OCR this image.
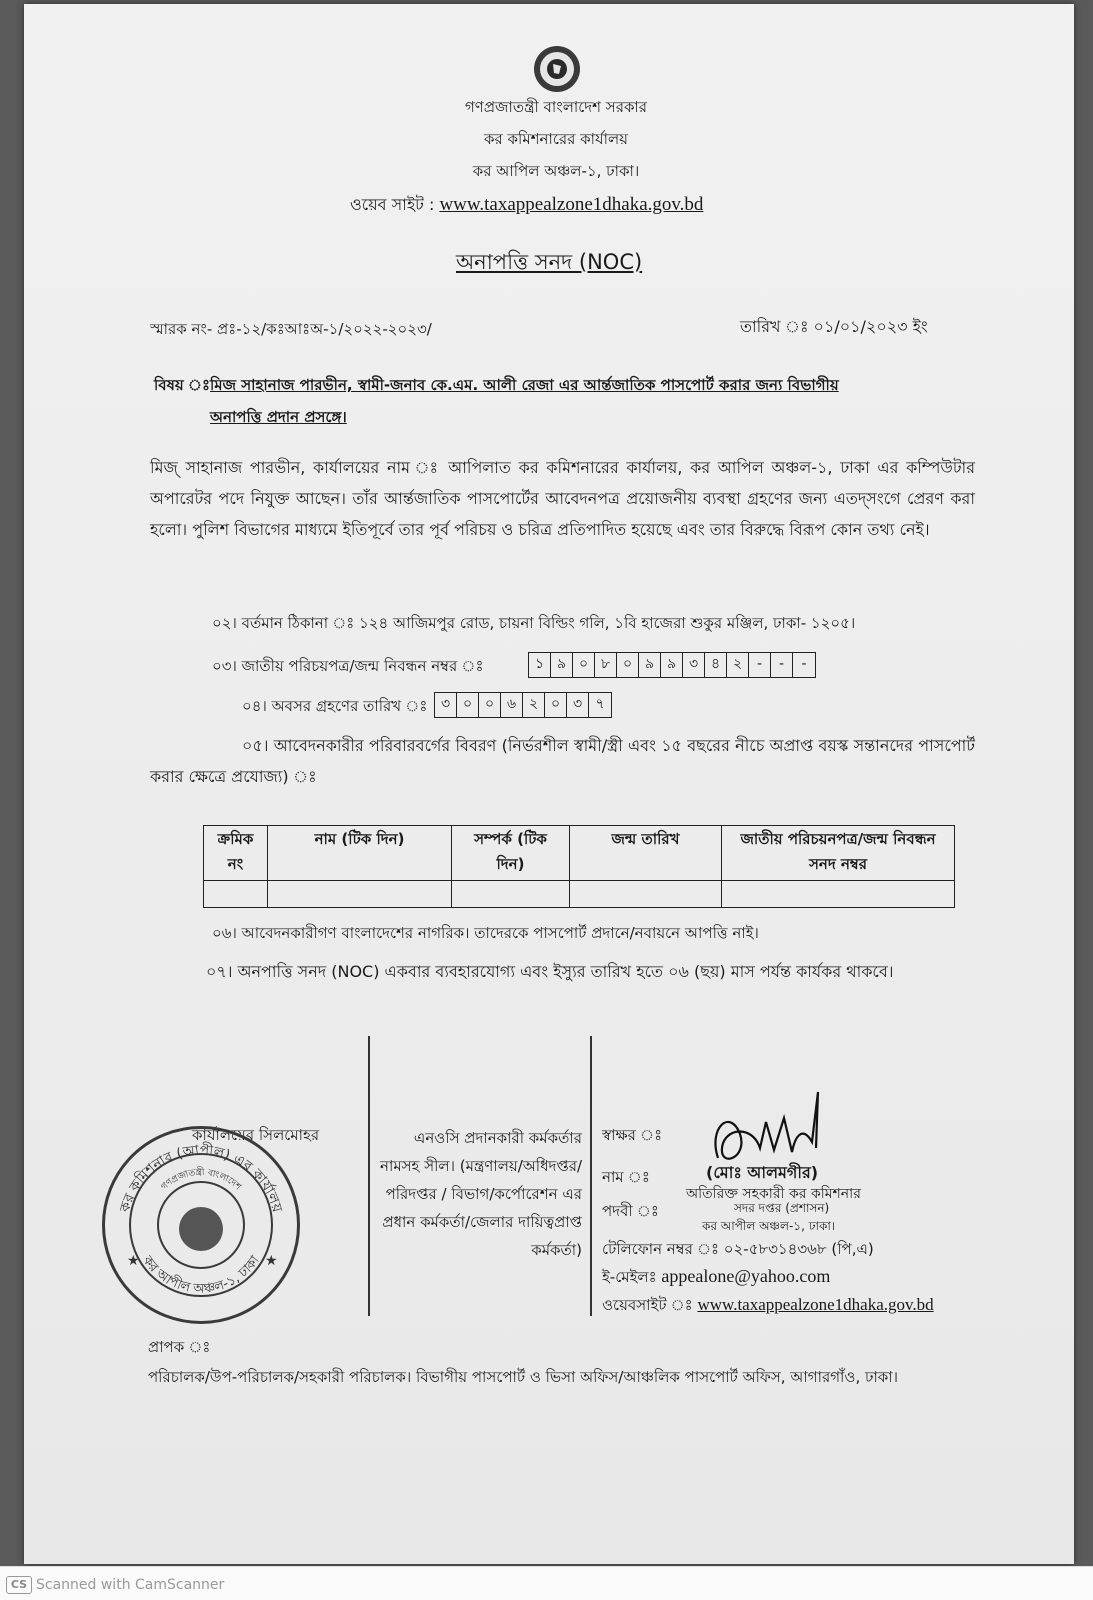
গণপ্রজাতন্ত্রী বাংলাদেশ সরকার
কর কমিশনারের কার্যালয়
কর আপিল অঞ্চল-১, ঢাকা।
ওয়েব সাইট : www.taxappealzone1dhaka.gov.bd
অনাপত্তি সনদ (NOC)
স্মারক নং- প্রঃ-১২/কঃআঃঅ-১/২০২২-২০২৩/	তারিখ ঃ ০১/০১/২০২৩ ইং
বিষয় ঃ মিজ সাহানাজ পারভীন, স্বামী-জনাব কে.এম. আলী রেজা এর আর্ন্তজাতিক পাসপোর্ট করার জন্য বিভাগীয়
অনাপত্তি প্রদান প্রসঙ্গে।
মিজ্ সাহানাজ পারভীন, কার্যালয়ের নাম ঃ আপিলাত কর কমিশনারের কার্যালয়, কর আপিল অঞ্চল-১, ঢাকা এর কম্পিউটার অপারেটর পদে নিযুক্ত আছেন। তাঁর আর্ন্তজাতিক পাসপোর্টের আবেদনপত্র প্রয়োজনীয় ব্যবস্থা গ্রহণের জন্য এতদ্‌সংগে প্রেরণ করা হলো। পুলিশ বিভাগের মাধ্যমে ইতিপূর্বে তার পূর্ব পরিচয় ও চরিত্র প্রতিপাদিত হয়েছে এবং তার বিরুদ্ধে বিরূপ কোন তথ্য নেই।
০২। বর্তমান ঠিকানা ঃ ১২৪ আজিমপুর রোড, চায়না বিল্ডিং গলি, ১বি হাজেরা শুকুর মঞ্জিল, ঢাকা- ১২০৫।
০৩। জাতীয় পরিচয়পত্র/জন্ম নিবন্ধন নম্বর ঃ	১ ৯ ০ ৮ ০ ৯ ৯ ৩ ৪ ২	-	-	-
০৪। অবসর গ্রহণের তারিখ ঃ ৩ ০ ০ ৬ ২ ০ ৩ ৭
০৫। আবেদনকারীর পরিবারবর্গের বিবরণ (নির্ভরশীল স্বামী/স্ত্রী এবং ১৫ বছরের নীচে অপ্রাপ্ত বয়স্ক সন্তানদের পাসপোর্ট করার ক্ষেত্রে প্রযোজ্য) ঃ
ক্রমিক নং	নাম (টিক দিন)	সম্পর্ক (টিক দিন)	জন্ম তারিখ	জাতীয় পরিচয়নপত্র/জন্ম নিবন্ধন সনদ নম্বর

০৬। আবেদনকারীগণ বাংলাদেশের নাগরিক। তাদেরকে পাসপোর্ট প্রদানে/নবায়নে আপত্তি নাই।
০৭। অনপাত্তি সনদ (NOC) একবার ব্যবহারযোগ্য এবং ইস্যুর তারিখ হতে ০৬ (ছয়) মাস পর্যন্ত কার্যকর থাকবে।
কার্যালয়ের সিলমোহর
কর কমিশনার (আপীল) এর কার্যালয়
কর আপীল অঞ্চল-১, ঢাকা
গণপ্রজাতন্ত্রী বাংলাদেশ
★	★
এনওসি প্রদানকারী কর্মকর্তার নামসহ সীল। (মন্ত্রণালয়/অধিদপ্তর/পরিদপ্তর / বিভাগ/কর্পোরেশন এর প্রধান কর্মকর্তা/জেলার দায়িত্বপ্রাপ্ত কর্মকর্তা)
স্বাক্ষর ঃ
নাম ঃ
পদবী ঃ
(মোঃ আলমগীর)
অতিরিক্ত সহকারী কর কমিশনার
সদর দপ্তর (প্রশাসন)
কর আপীল অঞ্চল-১, ঢাকা।
টেলিফোন নম্বর ঃ ০২-৫৮৩১৪৩৬৮ (পি,এ)
ই-মেইলঃ appealone@yahoo.com
ওয়েবসাইট ঃ www.taxappealzone1dhaka.gov.bd
প্রাপক ঃ
পরিচালক/উপ-পরিচালক/সহকারী পরিচালক। বিভাগীয় পাসপোর্ট ও ভিসা অফিস/আঞ্চলিক পাসপোর্ট অফিস, আগারগাঁও, ঢাকা।
CS Scanned with CamScanner
